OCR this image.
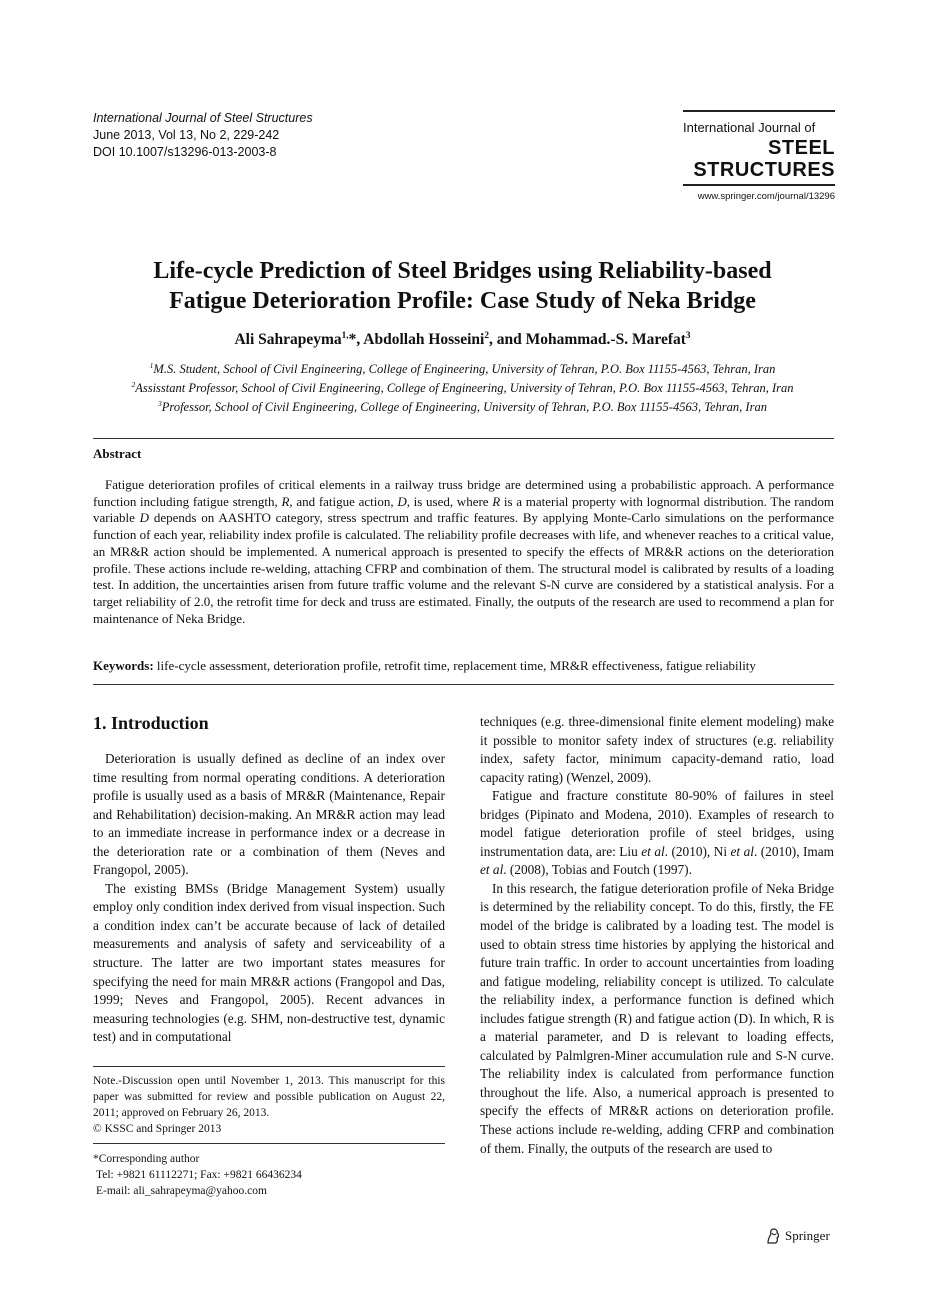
International Journal of Steel Structures
June 2013, Vol 13, No 2, 229-242
DOI 10.1007/s13296-013-2003-8
International Journal of
STEEL
STRUCTURES
www.springer.com/journal/13296
Life-cycle Prediction of Steel Bridges using Reliability-based
Fatigue Deterioration Profile: Case Study of Neka Bridge
Ali Sahrapeyma$^{1,}$*, Abdollah Hosseini$^2$, and Mohammad.-S. Marefat$^3$
$^1$M.S. Student, School of Civil Engineering, College of Engineering, University of Tehran, P.O. Box 11155-4563, Tehran, Iran
$^2$Assisstant Professor, School of Civil Engineering, College of Engineering, University of Tehran, P.O. Box 11155-4563, Tehran, Iran
$^3$Professor, School of Civil Engineering, College of Engineering, University of Tehran, P.O. Box 11155-4563, Tehran, Iran
Abstract
Fatigue deterioration profiles of critical elements in a railway truss bridge are determined using a probabilistic approach. A performance function including fatigue strength, R, and fatigue action, D, is used, where R is a material property with lognormal distribution. The random variable D depends on AASHTO category, stress spectrum and traffic features. By applying Monte-Carlo simulations on the performance function of each year, reliability index profile is calculated. The reliability profile decreases with life, and whenever reaches to a critical value, an MR&R action should be implemented. A numerical approach is presented to specify the effects of MR&R actions on the deterioration profile. These actions include re-welding, attaching CFRP and combination of them. The structural model is calibrated by results of a loading test. In addition, the uncertainties arisen from future traffic volume and the relevant S-N curve are considered by a statistical analysis. For a target reliability of 2.0, the retrofit time for deck and truss are estimated. Finally, the outputs of the research are used to recommend a plan for maintenance of Neka Bridge.
Keywords: life-cycle assessment, deterioration profile, retrofit time, replacement time, MR&R effectiveness, fatigue reliability
1. Introduction

Deterioration is usually defined as decline of an index over time resulting from normal operating conditions. A deterioration profile is usually used as a basis of MR&R (Maintenance, Repair and Rehabilitation) decision-making. An MR&R action may lead to an immediate increase in performance index or a decrease in the deterioration rate or a combination of them (Neves and Frangopol, 2005).

The existing BMSs (Bridge Management System) usually employ only condition index derived from visual inspection. Such a condition index can’t be accurate because of lack of detailed measurements and analysis of safety and serviceability of a structure. The latter are two important states measures for specifying the need for main MR&R actions (Frangopol and Das, 1999; Neves and Frangopol, 2005). Recent advances in measuring technologies (e.g. SHM, non-destructive test, dynamic test) and in computational

techniques (e.g. three-dimensional finite element modeling) make it possible to monitor safety index of structures (e.g. reliability index, safety factor, minimum capacity-demand ratio, load capacity rating) (Wenzel, 2009).

Fatigue and fracture constitute 80-90% of failures in steel bridges (Pipinato and Modena, 2010). Examples of research to model fatigue deterioration profile of steel bridges, using instrumentation data, are: Liu et al. (2010), Ni et al. (2010), Imam et al. (2008), Tobias and Foutch (1997).

In this research, the fatigue deterioration profile of Neka Bridge is determined by the reliability concept. To do this, firstly, the FE model of the bridge is calibrated by a loading test. The model is used to obtain stress time histories by applying the historical and future train traffic. In order to account uncertainties from loading and fatigue modeling, reliability concept is utilized. To calculate the reliability index, a performance function is defined which includes fatigue strength (R) and fatigue action (D). In which, R is a material parameter, and D is relevant to loading effects, calculated by Palmlgren-Miner accumulation rule and S-N curve. The reliability index is calculated from performance function throughout the life. Also, a numerical approach is presented to specify the effects of MR&R actions on deterioration profile. These actions include re-welding, adding CFRP and combination of them. Finally, the outputs of the research are used to

Note.-Discussion open until November 1, 2013. This manuscript for this paper was submitted for review and possible publication on August 22, 2011; approved on February 26, 2013.
© KSSC and Springer 2013
*Corresponding author
Tel: +9821 61112271; Fax: +9821 66436234
E-mail: ali_sahrapeyma@yahoo.com
Springer
